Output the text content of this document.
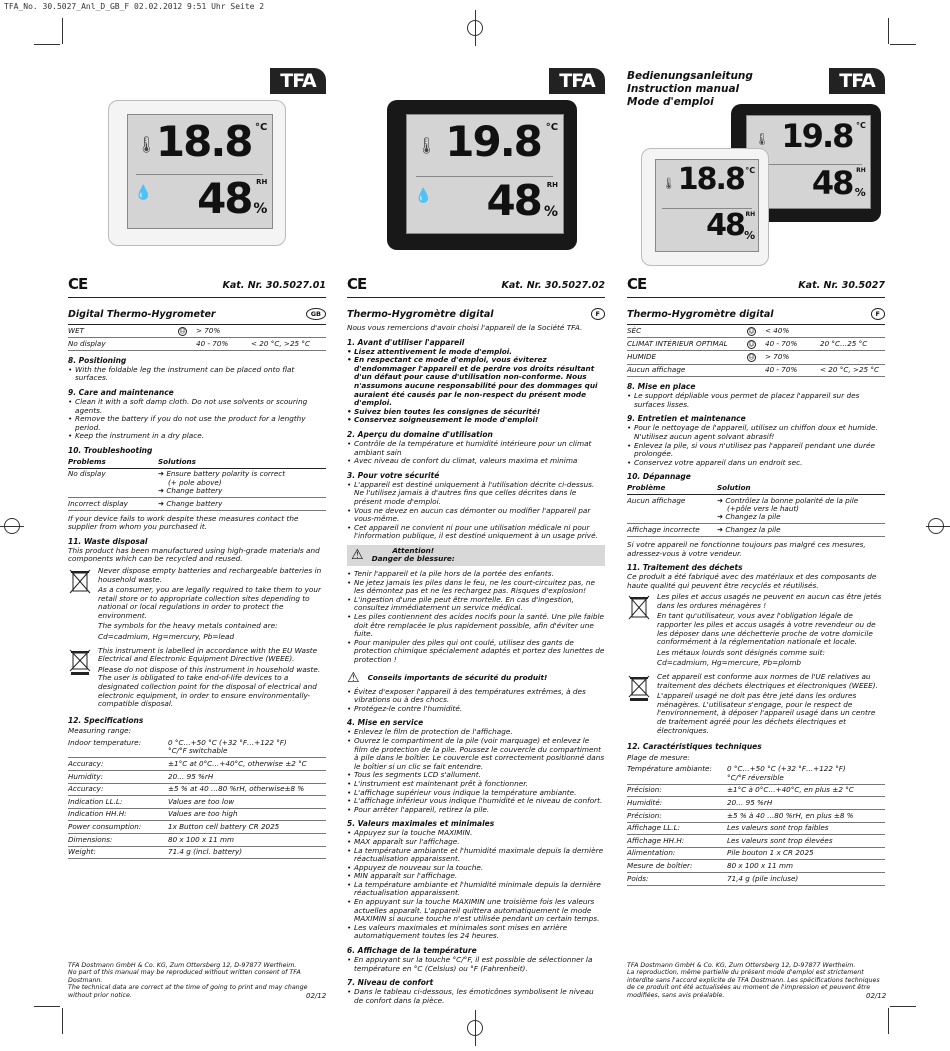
TFA_No. 30.5027_Anl_D_GB_F 02.02.2012 9:51 Uhr Seite 2
TFA
🌡
💧
18.8 °C
48 RH
%
CE	Kat. Nr. 30.5027.01
Digital Thermo-Hygrometer	GB
WET	☹	> 70%	
No display		40 - 70%	< 20 °C, >25 °C
8. Positioning
• With the foldable leg the instrument can be placed onto flat surfaces.
9. Care and maintenance
• Clean it with a soft damp cloth. Do not use solvents or scouring agents.
• Remove the battery if you do not use the product for a lengthy period.
• Keep the instrument in a dry place.
10. Troubleshooting
Problems	Solutions
No display	➜ Ensure battery polarity is correct
(+ pole above)
➜ Change battery

Incorrect display	➜ Change battery

If your device fails to work despite these measures contact the supplier from whom you purchased it.

11. Waste disposal

This product has been manufactured using high-grade materials and components which can be recycled and reused.

Never dispose empty batteries and rechargeable batteries in household waste.

As a consumer, you are legally required to take them to your retail store or to appropriate collection sites depending to national or local regulations in order to protect the environment.

The symbols for the heavy metals contained are:

Cd=cadmium, Hg=mercury, Pb=lead

This instrument is labelled in accordance with the EU Waste Electrical and Electronic Equipment Directive (WEEE).

Please do not dispose of this instrument in household waste. The user is obligated to take end-of-life devices to a designated collection point for the disposal of electrical and electronic equipment, in order to ensure environmentally-compatible disposal.

12. Specifications
Measuring range:	
Indoor temperature:	0 °C…+50 °C (+32 °F…+122 °F)
°C/°F switchable
Accuracy:	±1°C at 0°C…+40°C, otherwise ±2 °C
Humidity:	20… 95 %rH
Accuracy:	±5 % at 40 …80 %rH, otherwise±8 %
Indication LL.L:	Values are too low
Indication HH.H:	Values are too high
Power consumption:	1x Button cell battery CR 2025
Dimensions:	80 x 100 x 11 mm
Weight:	71.4 g (incl. battery)

TFA Dostmann GmbH & Co. KG, Zum Ottersberg 12, D-97877 Wertheim.

No part of this manual may be reproduced without written consent of TFA Dostmann.

The technical data are correct at the time of going to print and may change without prior notice.	02/12
TFA
🌡
💧
19.8 °C
48 RH
%
CE	Kat. Nr. 30.5027.02
Thermo-Hygromètre digital	F

Nous vous remercions d'avoir choisi l'appareil de la Société TFA.

1. Avant d'utiliser l'appareil
• Lisez attentivement le mode d'emploi.
• En respectant ce mode d'emploi, vous éviterez d'endommager l'appareil et de perdre vos droits résultant d'un défaut pour cause d'utilisation non-conforme. Nous n'assumons aucune responsabilité pour des dommages qui auraient été causés par le non-respect du présent mode d'emploi.
• Suivez bien toutes les consignes de sécurité!
• Conservez soigneusement le mode d'emploi!
2. Aperçu du domaine d'utilisation
• Contrôle de la température et humidité intérieure pour un climat ambiant sain
• Avec niveau de confort du climat, valeurs maxima et minima
3. Pour votre sécurité
• L'appareil est destiné uniquement à l'utilisation décrite ci-dessus. Ne l'utilisez jamais à d'autres fins que celles décrites dans le présent mode d'emploi.
• Vous ne devez en aucun cas démonter ou modifier l'appareil par vous-même.
• Cet appareil ne convient ni pour une utilisation médicale ni pour l'information publique, il est destiné uniquement à un usage privé.
⚠	Attention!
Danger de blessure:
• Tenir l'appareil et la pile hors de la portée des enfants.
• Ne jetez jamais les piles dans le feu, ne les court-circuitez pas, ne les démontez pas et ne les rechargez pas. Risques d'explosion!
• L'ingestion d'une pile peut être mortelle. En cas d'ingestion, consultez immédiatement un service médical.
• Les piles contiennent des acides nocifs pour la santé. Une pile faible doit être remplacée le plus rapidement possible, afin d'éviter une fuite.
• Pour manipuler des piles qui ont coulé, utilisez des gants de protection chimique spécialement adaptés et portez des lunettes de protection !
⚠ Conseils importants de sécurité du produit!
• Évitez d'exposer l'appareil à des températures extrêmes, à des vibrations ou à des chocs.
• Protégez-le contre l'humidité.
4. Mise en service
• Enlevez le film de protection de l'affichage.
• Ouvrez le compartiment de la pile (voir marquage) et enlevez le film de protection de la pile. Poussez le couvercle du compartiment à pile dans le boîtier. Le couvercle est correctement positionné dans le boîtier si un clic se fait entendre.
• Tous les segments LCD s'allument.
• L'instrument est maintenant prêt à fonctionner.
• L'affichage supérieur vous indique la température ambiante.
• L'affichage inférieur vous indique l'humidité et le niveau de confort.
• Pour arrêter l'appareil, retirez la pile.
5. Valeurs maximales et minimales
• Appuyez sur la touche MAXIMIN.
• MAX apparaît sur l'affichage.
• La température ambiante et l'humidité maximale depuis la dernière réactualisation apparaissent.
• Appuyez de nouveau sur la touche.
• MIN apparaît sur l'affichage.
• La température ambiante et l'humidité minimale depuis la dernière réactualisation apparaissent.
• En appuyant sur la touche MAXIMIN une troisième fois les valeurs actuelles apparaît. L'appareil quittera automatiquement le mode MAXIMIN si aucune touche n'est utilisée pendant un certain temps.
• Les valeurs maximales et minimales sont mises en arrière automatiquement toutes les 24 heures.
6. Affichage de la température
• En appuyant sur la touche °C/°F, il est possible de sélectionner la température en °C (Celsius) ou °F (Fahrenheit).
7. Niveau de confort
• Dans le tableau ci-dessous, les émoticônes symbolisent le niveau de confort dans la pièce.
Bedienungsanleitung
Instruction manual
Mode d'emploi
TFA
🌡 19.8 °C
48 RH
%
🌡 18.8 °C
48 RH
%
CE	Kat. Nr. 30.5027
Thermo-Hygromètre digital	F
SÉC	☺	< 40%	
CLIMAT INTÉRIEUR OPTIMAL	☺	40 - 70%	20 °C…25 °C
HUMIDE	☹	> 70%	
Aucun affichage		40 - 70%	< 20 °C, >25 °C
8. Mise en place
• Le support dépliable vous permet de placez l'appareil sur des surfaces lisses.
9. Entretien et maintenance
• Pour le nettoyage de l'appareil, utilisez un chiffon doux et humide. N'utilisez aucun agent solvant abrasif!
• Enlevez la pile, si vous n'utilisez pas l'appareil pendant une durée prolongée.
• Conservez votre appareil dans un endroit sec.
10. Dépannage
Problème	Solution
Aucun affichage	➜ Contrôlez la bonne polarité de la pile
(+pôle vers le haut)
➜ Changez la pile

Affichage incorrecte	➜ Changez la pile

Si votre appareil ne fonctionne toujours pas malgré ces mesures, adressez-vous à votre vendeur.

11. Traitement des déchets

Ce produit a été fabriqué avec des matériaux et des composants de haute qualité qui peuvent être recyclés et réutilisés.

Les piles et accus usagés ne peuvent en aucun cas être jetés dans les ordures ménagères !

En tant qu'utilisateur, vous avez l'obligation légale de rapporter les piles et accus usagés à votre revendeur ou de les déposer dans une déchetterie proche de votre domicile conformément à la réglementation nationale et locale.

Les métaux lourds sont désignés comme suit:

Cd=cadmium, Hg=mercure, Pb=plomb

Cet appareil est conforme aux normes de l'UE relatives au traitement des déchets électriques et électroniques (WEEE).

L'appareil usagé ne doit pas être jeté dans les ordures ménagères. L'utilisateur s'engage, pour le respect de l'environnement, à déposer l'appareil usagé dans un centre de traitement agréé pour les déchets électriques et électroniques.

12. Caractéristiques techniques
Plage de mesure:	
Température ambiante:	0 °C…+50 °C (+32 °F…+122 °F)
°C/°F réversible
Précision:	±1°C à 0°C…+40°C, en plus ±2 °C
Humidité:	20… 95 %rH
Précision:	±5 % à 40 …80 %rH, en plus ±8 %
Affichage LL.L:	Les valeurs sont trop faibles
Affichage HH.H:	Les valeurs sont trop élevées
Alimentation:	Pile bouton 1 x CR 2025
Mesure de boîtier:	80 x 100 x 11 mm
Poids:	71,4 g (pile incluse)

TFA Dostmann GmbH & Co. KG, Zum Ottersberg 12, D-97877 Wertheim.

La reproduction, même partielle du présent mode d'emploi est strictement interdite sans l'accord explicite de TFA Dostmann. Les spécifications techniques de ce produit ont été actualisées au moment de l'impression et peuvent être modifiées, sans avis préalable.	02/12
